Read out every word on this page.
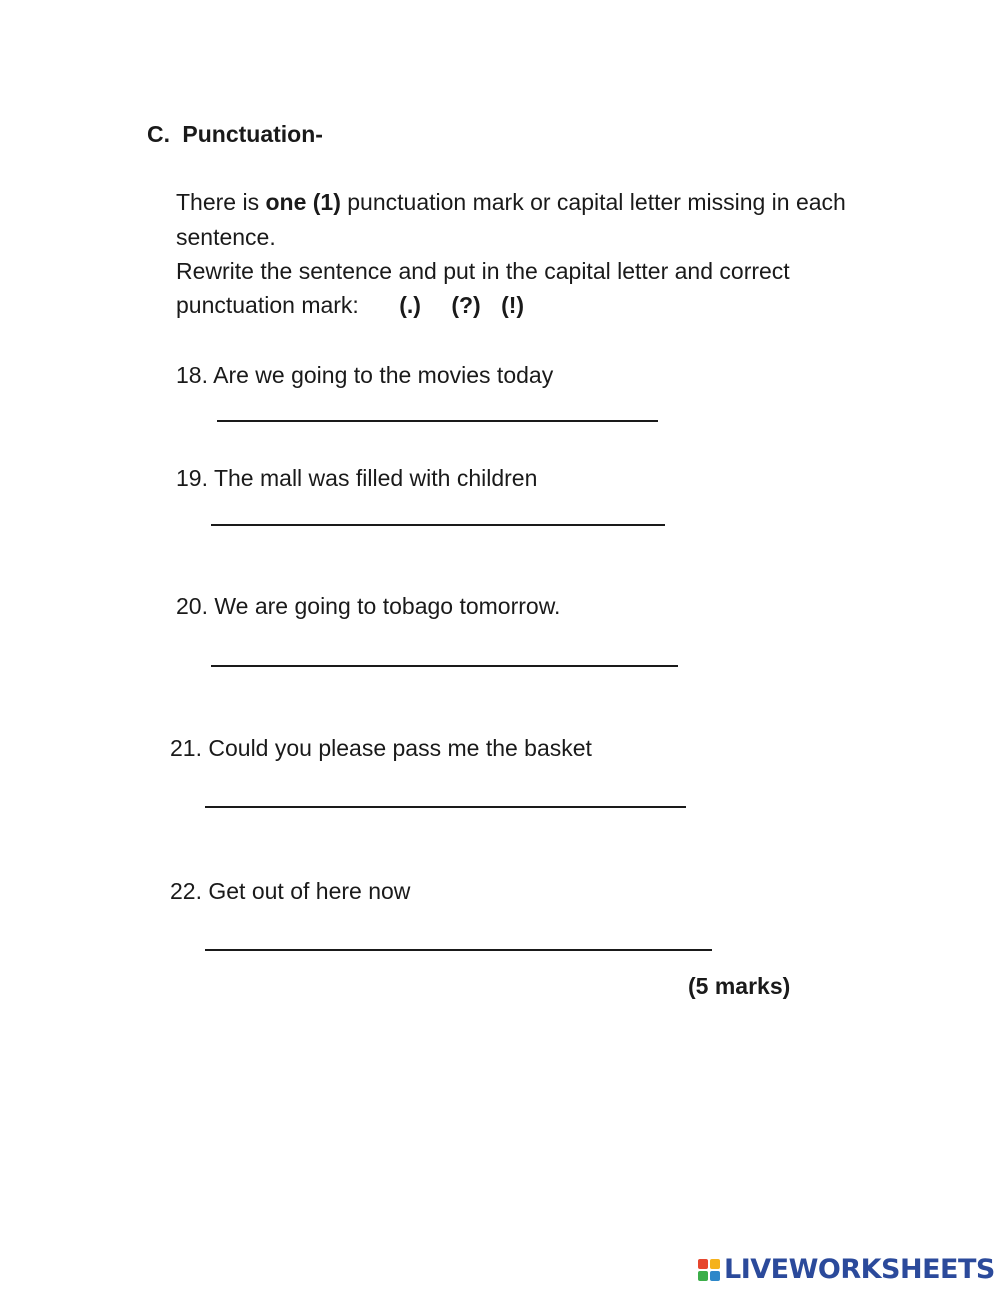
C. Punctuation-
There is one (1) punctuation mark or capital letter missing in each
sentence.
Rewrite the sentence and put in the capital letter and correct
punctuation mark: (.) (?) (!)
18. Are we going to the movies today
19. The mall was filled with children
20. We are going to tobago tomorrow.
21. Could you please pass me the basket
22. Get out of here now
(5 marks)
LIVEWORKSHEETS
